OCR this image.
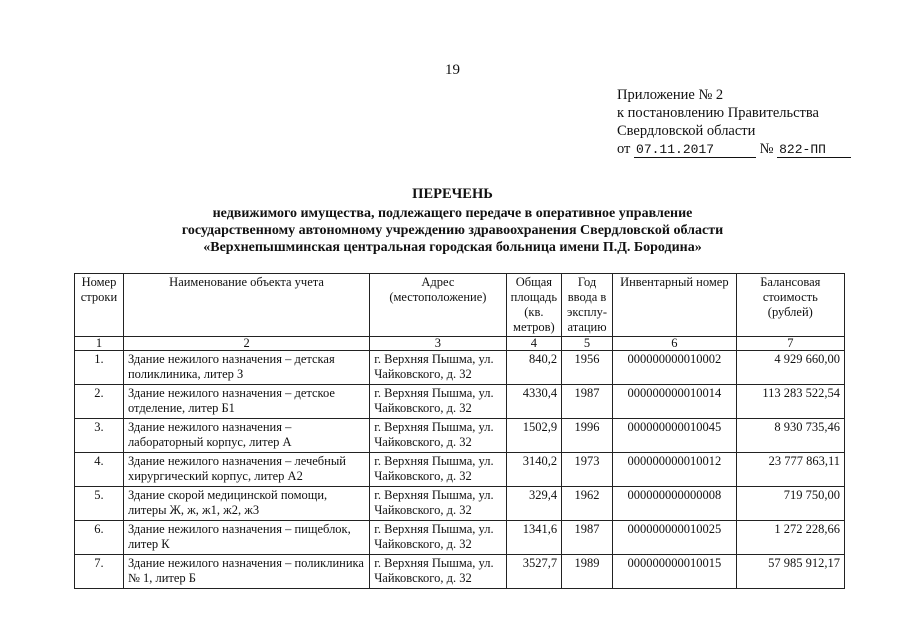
19
Приложение № 2
к постановлению Правительства
Свердловской области
от 07.11.2017	№ 822-ПП
ПЕРЕЧЕНЬ
недвижимого имущества, подлежащего передаче в оперативное управление
государственному автономному учреждению здравоохранения Свердловской области
«Верхнепышминская центральная городская больница имени П.Д. Бородина»
Номер строки	Наименование объекта учета	Адрес (местоположение)	Общая площадь (кв. метров)	Год ввода в эксплу-атацию	Инвентарный номер	Балансовая стоимость (рублей)
1	2	3	4	5	6	7
1.	Здание нежилого назначения – детская поликлиника, литер З	г. Верхняя Пышма, ул. Чайковского, д. 32	840,2	1956	000000000010002	4 929 660,00
2.	Здание нежилого назначения – детское отделение, литер Б1	г. Верхняя Пышма, ул. Чайковского, д. 32	4330,4	1987	000000000010014	113 283 522,54
3.	Здание нежилого назначения – лабораторный корпус, литер А	г. Верхняя Пышма, ул. Чайковского, д. 32	1502,9	1996	000000000010045	8 930 735,46
4.	Здание нежилого назначения – лечебный хирургический корпус, литер А2	г. Верхняя Пышма, ул. Чайковского, д. 32	3140,2	1973	000000000010012	23 777 863,11
5.	Здание скорой медицинской помощи, литеры Ж, ж, ж1, ж2, ж3	г. Верхняя Пышма, ул. Чайковского, д. 32	329,4	1962	000000000000008	719 750,00
6.	Здание нежилого назначения – пищеблок, литер К	г. Верхняя Пышма, ул. Чайковского, д. 32	1341,6	1987	000000000010025	1 272 228,66
7.	Здание нежилого назначения – поликлиника № 1, литер Б	г. Верхняя Пышма, ул. Чайковского, д. 32	3527,7	1989	000000000010015	57 985 912,17
